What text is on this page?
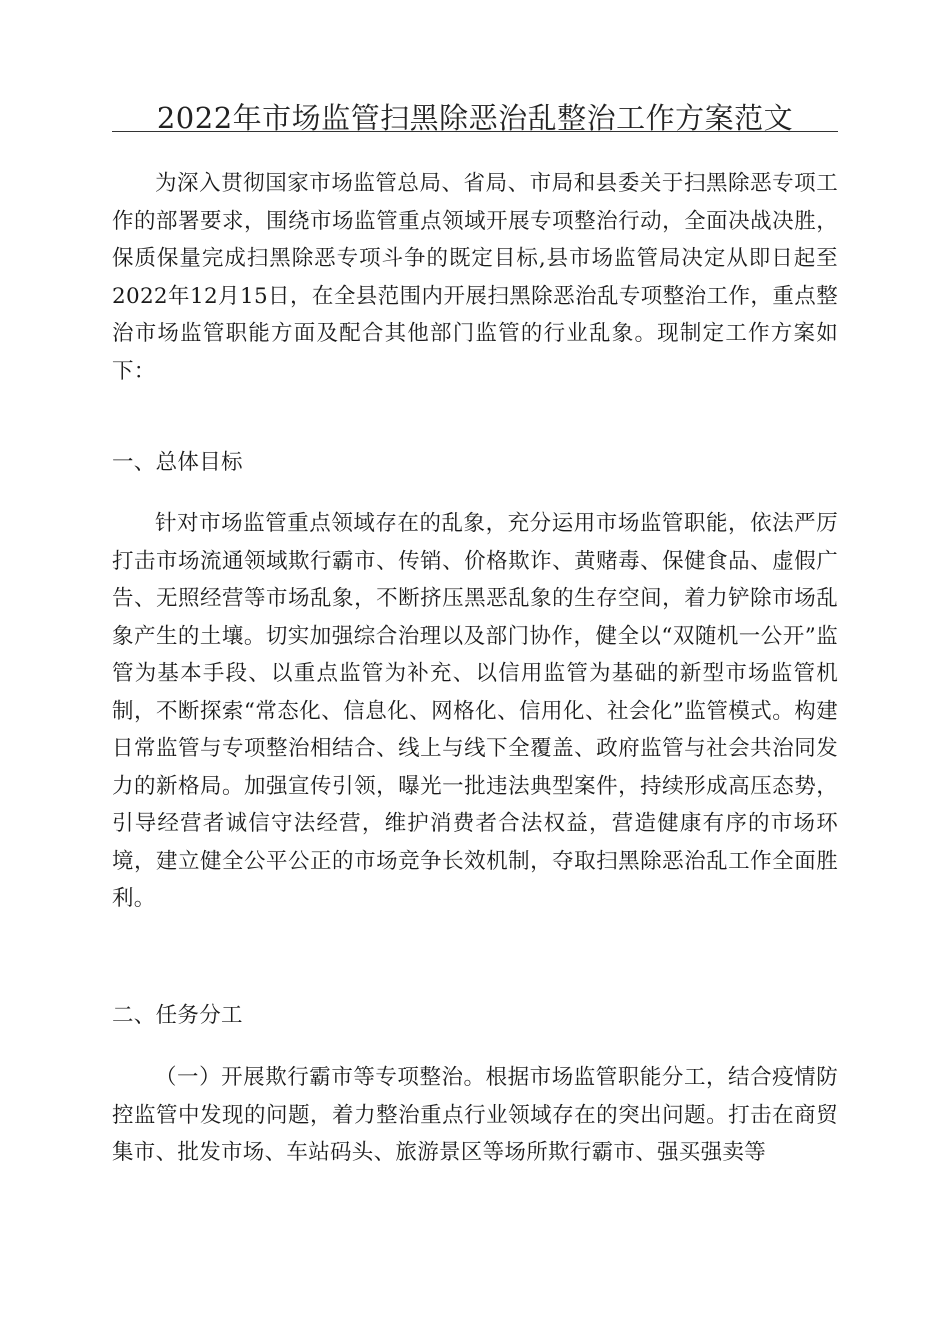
2022年市场监管扫黑除恶治乱整治工作方案范文

为深入贯彻国家市场监管总局、省局、市局和县委关于扫黑除恶专项工作的部署要求，围绕市场监管重点领域开展专项整治行动，全面决战决胜，保质保量完成扫黑除恶专项斗争的既定目标,县市场监管局决定从即日起至2022年12月15日，在全县范围内开展扫黑除恶治乱专项整治工作，重点整治市场监管职能方面及配合其他部门监管的行业乱象。现制定工作方案如下：

一、总体目标

针对市场监管重点领域存在的乱象，充分运用市场监管职能，依法严厉打击市场流通领域欺行霸市、传销、价格欺诈、黄赌毒、保健食品、虚假广告、无照经营等市场乱象，不断挤压黑恶乱象的生存空间，着力铲除市场乱象产生的土壤。切实加强综合治理以及部门协作，健全以“双随机一公开”监管为基本手段、以重点监管为补充、以信用监管为基础的新型市场监管机制，不断探索“常态化、信息化、网格化、信用化、社会化”监管模式。构建日常监管与专项整治相结合、线上与线下全覆盖、政府监管与社会共治同发力的新格局。加强宣传引领，曝光一批违法典型案件，持续形成高压态势，引导经营者诚信守法经营，维护消费者合法权益，营造健康有序的市场环境，建立健全公平公正的市场竞争长效机制，夺取扫黑除恶治乱工作全面胜利。

二、任务分工

（一）开展欺行霸市等专项整治。根据市场监管职能分工，结合疫情防控监管中发现的问题，着力整治重点行业领域存在的突出问题。打击在商贸集市、批发市场、车站码头、旅游景区等场所欺行霸市、强买强卖等
